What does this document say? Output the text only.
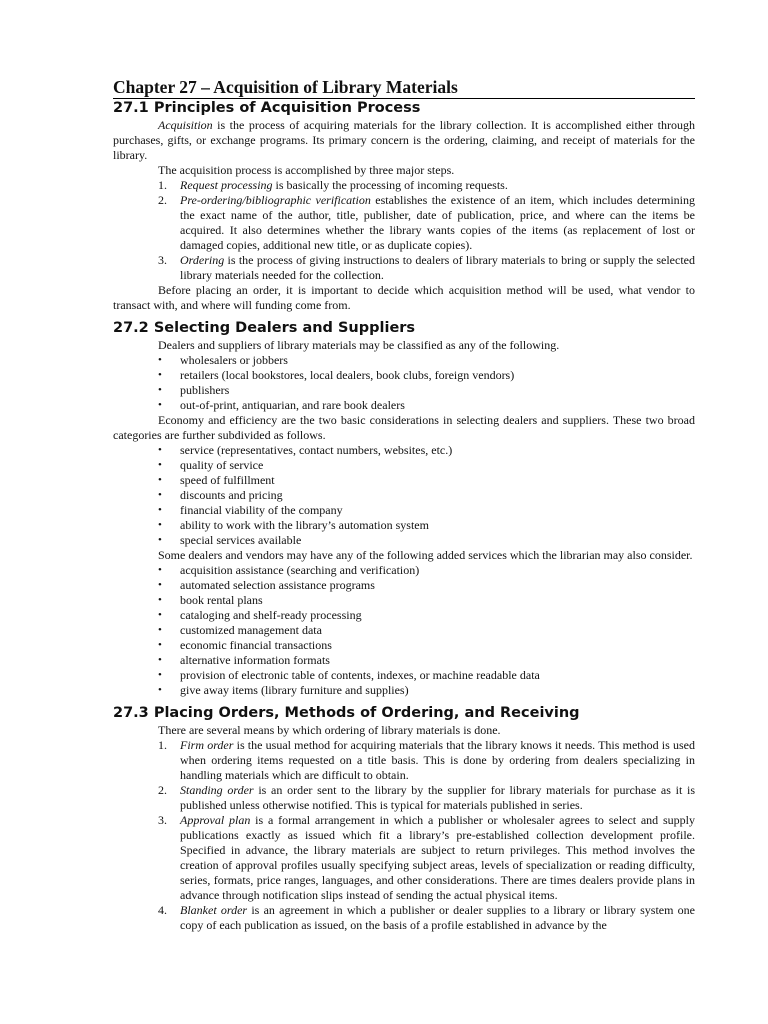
Chapter 27 – Acquisition of Library Materials
27.1 Principles of Acquisition Process

Acquisition is the process of acquiring materials for the library collection. It is accomplished either through purchases, gifts, or exchange programs. Its primary concern is the ordering, claiming, and receipt of materials for the library.

The acquisition process is accomplished by three major steps.

1. Request processing is basically the processing of incoming requests.
2. Pre-ordering/bibliographic verification establishes the existence of an item, which includes determining the exact name of the author, title, publisher, date of publication, price, and where can the items be acquired. It also determines whether the library wants copies of the items (as replacement of lost or damaged copies, additional new title, or as duplicate copies).
3. Ordering is the process of giving instructions to dealers of library materials to bring or supply the selected library materials needed for the collection.

Before placing an order, it is important to decide which acquisition method will be used, what vendor to transact with, and where will funding come from.

27.2 Selecting Dealers and Suppliers

Dealers and suppliers of library materials may be classified as any of the following.

• wholesalers or jobbers
• retailers (local bookstores, local dealers, book clubs, foreign vendors)
• publishers
• out-of-print, antiquarian, and rare book dealers

Economy and efficiency are the two basic considerations in selecting dealers and suppliers. These two broad categories are further subdivided as follows.

• service (representatives, contact numbers, websites, etc.)
• quality of service
• speed of fulfillment
• discounts and pricing
• financial viability of the company
• ability to work with the library’s automation system
• special services available

Some dealers and vendors may have any of the following added services which the librarian may also consider.

• acquisition assistance (searching and verification)
• automated selection assistance programs
• book rental plans
• cataloging and shelf-ready processing
• customized management data
• economic financial transactions
• alternative information formats
• provision of electronic table of contents, indexes, or machine readable data
• give away items (library furniture and supplies)
27.3 Placing Orders, Methods of Ordering, and Receiving

There are several means by which ordering of library materials is done.

1. Firm order is the usual method for acquiring materials that the library knows it needs. This method is used when ordering items requested on a title basis. This is done by ordering from dealers specializing in handling materials which are difficult to obtain.
2. Standing order is an order sent to the library by the supplier for library materials for purchase as it is published unless otherwise notified. This is typical for materials published in series.
3. Approval plan is a formal arrangement in which a publisher or wholesaler agrees to select and supply publications exactly as issued which fit a library’s pre-established collection development profile. Specified in advance, the library materials are subject to return privileges. This method involves the creation of approval profiles usually specifying subject areas, levels of specialization or reading difficulty, series, formats, price ranges, languages, and other considerations. There are times dealers provide plans in advance through notification slips instead of sending the actual physical items.
4. Blanket order is an agreement in which a publisher or dealer supplies to a library or library system one copy of each publication as issued, on the basis of a profile established in advance by the
